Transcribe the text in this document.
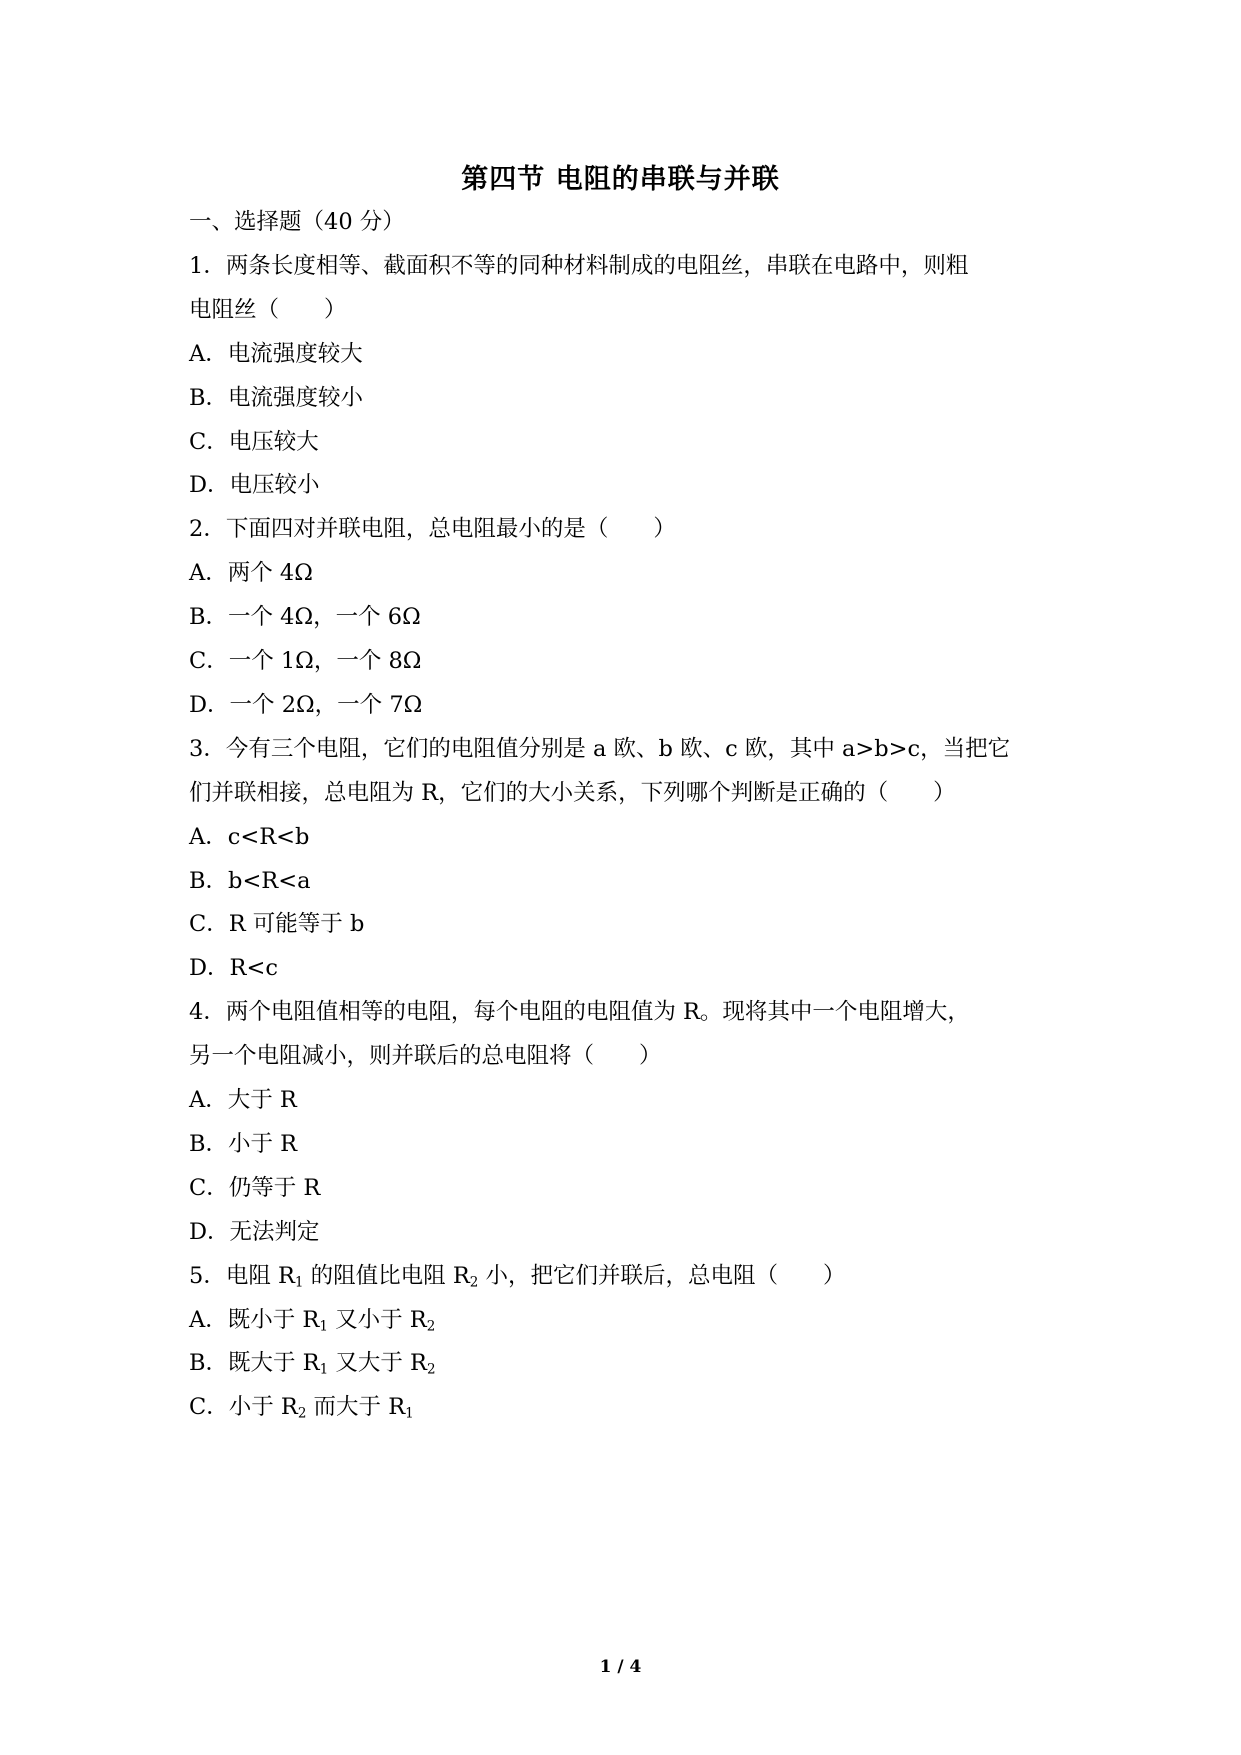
第四节 电阻的串联与并联
一、选择题（40 分）
1．两条长度相等、截面积不等的同种材料制成的电阻丝，串联在电路中，则粗
电阻丝（　　）
A．电流强度较大
B．电流强度较小
C．电压较大
D．电压较小
2．下面四对并联电阻，总电阻最小的是（　　）
A．两个 4Ω
B．一个 4Ω，一个 6Ω
C．一个 1Ω，一个 8Ω
D．一个 2Ω，一个 7Ω
3．今有三个电阻，它们的电阻值分别是 a 欧、b 欧、c 欧，其中 a>b>c，当把它
们并联相接，总电阻为 R，它们的大小关系，下列哪个判断是正确的（　　）
A．c<R<b
B．b<R<a
C．R 可能等于 b
D．R<c
4．两个电阻值相等的电阻，每个电阻的电阻值为 R。现将其中一个电阻增大，
另一个电阻减小，则并联后的总电阻将（　　）
A．大于 R
B．小于 R
C．仍等于 R
D．无法判定
5．电阻 $R_1$ 的阻值比电阻 $R_2$ 小，把它们并联后，总电阻（　　）
A．既小于 $R_1$ 又小于 $R_2$
B．既大于 $R_1$ 又大于 $R_2$
C．小于 $R_2$ 而大于 $R_1$
1 / 4
